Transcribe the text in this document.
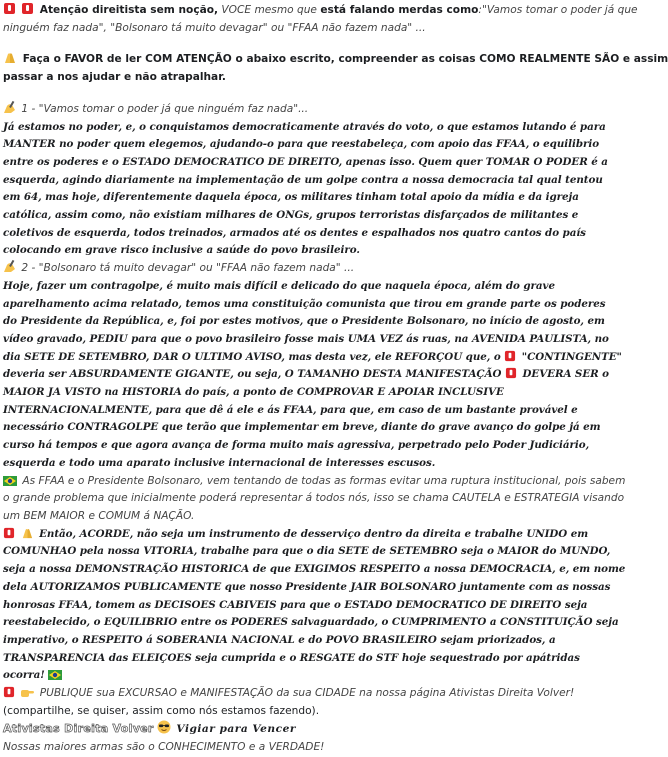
Atenção direitista sem noção, VOCE mesmo que está falando merdas como:"Vamos tomar o poder já que

ninguém faz nada", "Bolsonaro tá muito devagar" ou "FFAA não fazem nada" ...

Faça o FAVOR de ler COM ATENÇÃO o abaixo escrito, compreender as coisas COMO REALMENTE SÃO e assim

passar a nos ajudar e não atrapalhar.

1 - "Vamos tomar o poder já que ninguém faz nada"...

Já estamos no poder, e, o conquistamos democraticamente através do voto, o que estamos lutando é para

MANTER no poder quem elegemos, ajudando-o para que reestabeleça, com apoio das FFAA, o equilibrio

entre os poderes e o ESTADO DEMOCRATICO DE DIREITO, apenas isso. Quem quer TOMAR O PODER é a

esquerda, agindo diariamente na implementação de um golpe contra a nossa democracia tal qual tentou

em 64, mas hoje, diferentemente daquela época, os militares tinham total apoio da mídia e da igreja

católica, assim como, não existiam milhares de ONGs, grupos terroristas disfarçados de militantes e

coletivos de esquerda, todos treinados, armados até os dentes e espalhados nos quatro cantos do país

colocando em grave risco inclusive a saúde do povo brasileiro.

2 - "Bolsonaro tá muito devagar" ou "FFAA não fazem nada" ...

Hoje, fazer um contragolpe, é muito mais difícil e delicado do que naquela época, além do grave

aparelhamento acima relatado, temos uma constituição comunista que tirou em grande parte os poderes

do Presidente da República, e, foi por estes motivos, que o Presidente Bolsonaro, no início de agosto, em

vídeo gravado, PEDIU para que o povo brasileiro fosse mais UMA VEZ ás ruas, na AVENIDA PAULISTA, no

dia SETE DE SETEMBRO, DAR O ULTIMO AVISO, mas desta vez, ele REFORÇOU que, o "CONTINGENTE"

deveria ser ABSURDAMENTE GIGANTE, ou seja, O TAMANHO DESTA MANIFESTAÇÃO DEVERA SER o

MAIOR JA VISTO na HISTORIA do país, a ponto de COMPROVAR E APOIAR INCLUSIVE

INTERNACIONALMENTE, para que dê á ele e ás FFAA, para que, em caso de um bastante provável e

necessário CONTRAGOLPE que terão que implementar em breve, diante do grave avanço do golpe já em

curso há tempos e que agora avança de forma muito mais agressiva, perpetrado pelo Poder Judiciário,

esquerda e todo uma aparato inclusive internacional de interesses escusos.

As FFAA e o Presidente Bolsonaro, vem tentando de todas as formas evitar uma ruptura institucional, pois sabem

o grande problema que inicialmente poderá representar á todos nós, isso se chama CAUTELA e ESTRATEGIA visando

um BEM MAIOR e COMUM á NAÇÃO.

Então, ACORDE, não seja um instrumento de desserviço dentro da direita e trabalhe UNIDO em

COMUNHAO pela nossa VITORIA, trabalhe para que o dia SETE de SETEMBRO seja o MAIOR do MUNDO,

seja a nossa DEMONSTRAÇÃO HISTORICA de que EXIGIMOS RESPEITO a nossa DEMOCRACIA, e, em nome

dela AUTORIZAMOS PUBLICAMENTE que nosso Presidente JAIR BOLSONARO juntamente com as nossas

honrosas FFAA, tomem as DECISOES CABIVEIS para que o ESTADO DEMOCRATICO DE DIREITO seja

reestabelecido, o EQUILIBRIO entre os PODERES salvaguardado, o CUMPRIMENTO a CONSTITUIÇÃO seja

imperativo, o RESPEITO á SOBERANIA NACIONAL e do POVO BRASILEIRO sejam priorizados, a

TRANSPARENCIA das ELEIÇOES seja cumprida e o RESGATE do STF hoje sequestrado por apátridas

ocorra!

PUBLIQUE sua EXCURSAO e MANIFESTAÇÃO da sua CIDADE na nossa página Ativistas Direita Volver!

(compartilhe, se quiser, assim como nós estamos fazendo).

Ativistas Direita Volver Vigiar para Vencer

Nossas maiores armas são o CONHECIMENTO e a VERDADE!
